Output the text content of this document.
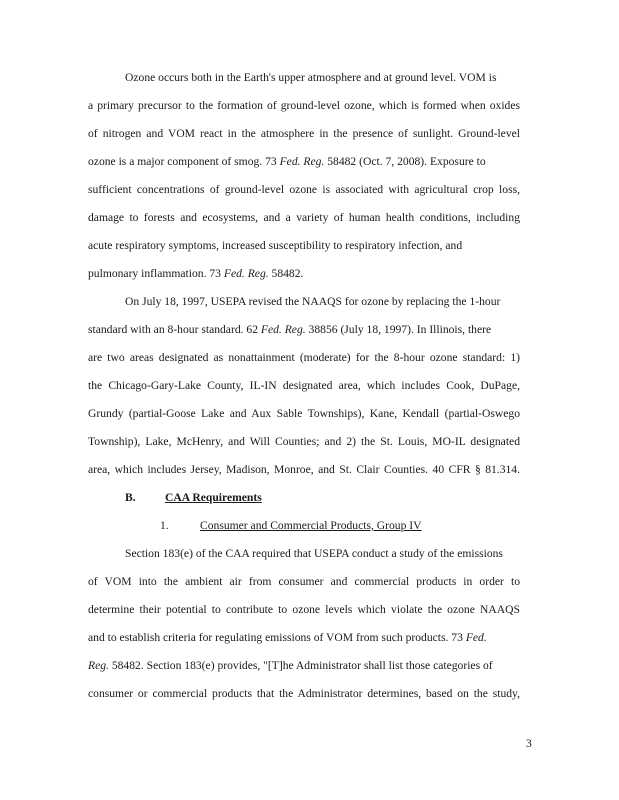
Ozone occurs both in the Earth's upper atmosphere and at ground level. VOM is
a primary precursor to the formation of ground-level ozone, which is formed when oxides
of nitrogen and VOM react in the atmosphere in the presence of sunlight. Ground-level
ozone is a major component of smog. 73 Fed. Reg. 58482 (Oct. 7, 2008). Exposure to
sufficient concentrations of ground-level ozone is associated with agricultural crop loss,
damage to forests and ecosystems, and a variety of human health conditions, including
acute respiratory symptoms, increased susceptibility to respiratory infection, and
pulmonary inflammation. 73 Fed. Reg. 58482.
On July 18, 1997, USEPA revised the NAAQS for ozone by replacing the 1-hour
standard with an 8-hour standard. 62 Fed. Reg. 38856 (July 18, 1997). In Illinois, there
are two areas designated as nonattainment (moderate) for the 8-hour ozone standard: 1)
the Chicago-Gary-Lake County, IL-IN designated area, which includes Cook, DuPage,
Grundy (partial-Goose Lake and Aux Sable Townships), Kane, Kendall (partial-Oswego
Township), Lake, McHenry, and Will Counties; and 2) the St. Louis, MO-IL designated
area, which includes Jersey, Madison, Monroe, and St. Clair Counties. 40 CFR § 81.314.
B.	CAA Requirements
1.	Consumer and Commercial Products, Group IV
Section 183(e) of the CAA required that USEPA conduct a study of the emissions
of VOM into the ambient air from consumer and commercial products in order to
determine their potential to contribute to ozone levels which violate the ozone NAAQS
and to establish criteria for regulating emissions of VOM from such products. 73 Fed.
Reg. 58482. Section 183(e) provides, "[T]he Administrator shall list those categories of
consumer or commercial products that the Administrator determines, based on the study,
3
